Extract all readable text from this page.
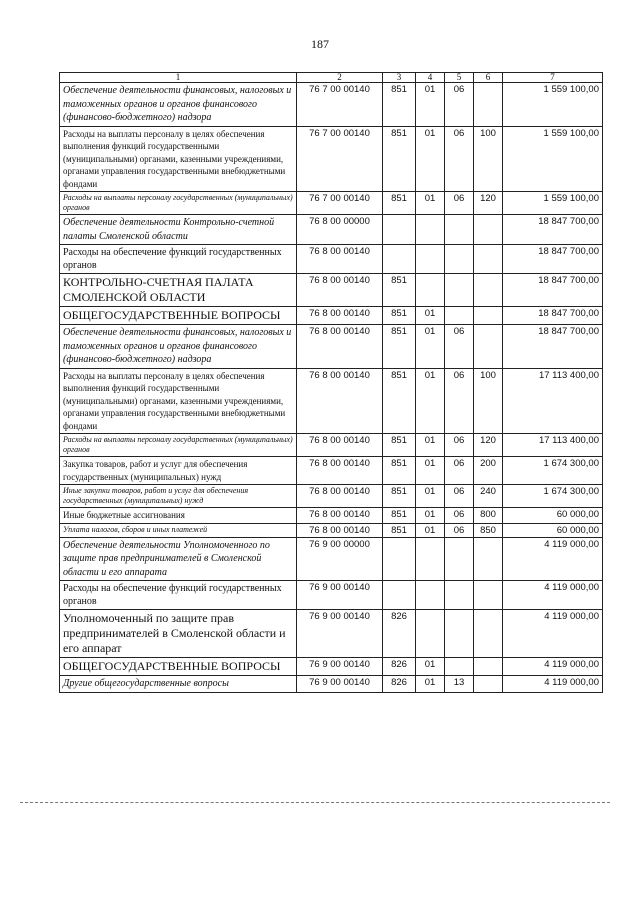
187
1	2	3	4	5	6	7
Обеспечение деятельности финансовых, налоговых и таможенных органов и органов финансового (финансово-бюджетного) надзора	76 7 00 00140	851	01	06		1 559 100,00
Расходы на выплаты персоналу в целях обеспечения выполнения функций государственными (муниципальными) органами, казенными учреждениями, органами управления государственными внебюджетными фондами	76 7 00 00140	851	01	06	100	1 559 100,00
Расходы на выплаты персоналу государственных (муниципальных) органов	76 7 00 00140	851	01	06	120	1 559 100,00
Обеспечение деятельности Контрольно-счетной палаты Смоленской области	76 8 00 00000					18 847 700,00
Расходы на обеспечение функций государственных органов	76 8 00 00140					18 847 700,00
КОНТРОЛЬНО-СЧЕТНАЯ ПАЛАТА СМОЛЕНСКОЙ ОБЛАСТИ	76 8 00 00140	851				18 847 700,00
ОБЩЕГОСУДАРСТВЕННЫЕ ВОПРОСЫ	76 8 00 00140	851	01			18 847 700,00
Обеспечение деятельности финансовых, налоговых и таможенных органов и органов финансового (финансово-бюджетного) надзора	76 8 00 00140	851	01	06		18 847 700,00
Расходы на выплаты персоналу в целях обеспечения выполнения функций государственными (муниципальными) органами, казенными учреждениями, органами управления государственными внебюджетными фондами	76 8 00 00140	851	01	06	100	17 113 400,00
Расходы на выплаты персоналу государственных (муниципальных) органов	76 8 00 00140	851	01	06	120	17 113 400,00
Закупка товаров, работ и услуг для обеспечения государственных (муниципальных) нужд	76 8 00 00140	851	01	06	200	1 674 300,00
Иные закупки товаров, работ и услуг для обеспечения государственных (муниципальных) нужд	76 8 00 00140	851	01	06	240	1 674 300,00
Иные бюджетные ассигнования	76 8 00 00140	851	01	06	800	60 000,00
Уплата налогов, сборов и иных платежей	76 8 00 00140	851	01	06	850	60 000,00
Обеспечение деятельности Уполномоченного по защите прав предпринимателей в Смоленской области и его аппарата	76 9 00 00000					4 119 000,00
Расходы на обеспечение функций государственных органов	76 9 00 00140					4 119 000,00
Уполномоченный по защите прав предпринимателей в Смоленской области и его аппарат	76 9 00 00140	826				4 119 000,00
ОБЩЕГОСУДАРСТВЕННЫЕ ВОПРОСЫ	76 9 00 00140	826	01			4 119 000,00
Другие общегосударственные вопросы	76 9 00 00140	826	01	13		4 119 000,00
